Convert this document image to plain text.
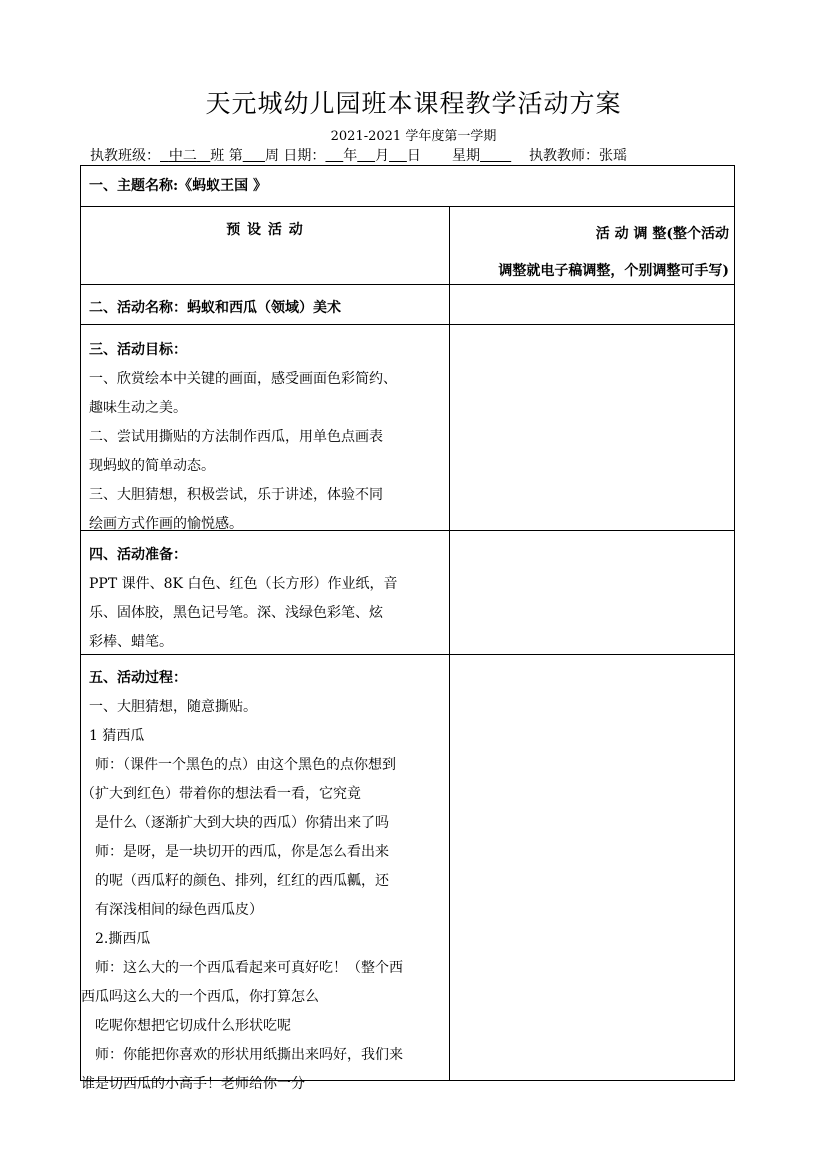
天元城幼儿园班本课程教学活动方案
2021-2021 学年度第一学期
执教班级： 中二 班 第 周 日期： 年 月 日 星期	执教教师：张瑶
一、主题名称:《蚂蚁王国 》
预 设 活 动	活 动 调 整(整个活动
调整就电子稿调整，个别调整可手写)
二、活动名称：蚂蚁和西瓜（领域）美术
三、活动目标：
一、欣赏绘本中关键的画面，感受画面色彩简约、
趣味生动之美。
二、尝试用撕贴的方法制作西瓜，用单色点画表
现蚂蚁的简单动态。
三、大胆猜想，积极尝试，乐于讲述，体验不同
绘画方式作画的愉悦感。
四、活动准备：
PPT 课件、8K 白色、红色（长方形）作业纸，音
乐、固体胶，黑色记号笔。深、浅绿色彩笔、炫
彩棒、蜡笔。
五、活动过程：
一、大胆猜想，随意撕贴。
1 猜西瓜
师：（课件一个黑色的点）由这个黑色的点你想到
（扩大到红色）带着你的想法看一看，它究竟
是什么（逐渐扩大到大块的西瓜）你猜出来了吗
师：是呀，是一块切开的西瓜，你是怎么看出来
的呢（西瓜籽的颜色、排列，红红的西瓜瓤，还
有深浅相间的绿色西瓜皮）
2.撕西瓜
师：这么大的一个西瓜看起来可真好吃！（整个西
西瓜吗这么大的一个西瓜，你打算怎么
吃呢你想把它切成什么形状吃呢
师：你能把你喜欢的形状用纸撕出来吗好，我们来
谁是切西瓜的小高手！老师给你一分
